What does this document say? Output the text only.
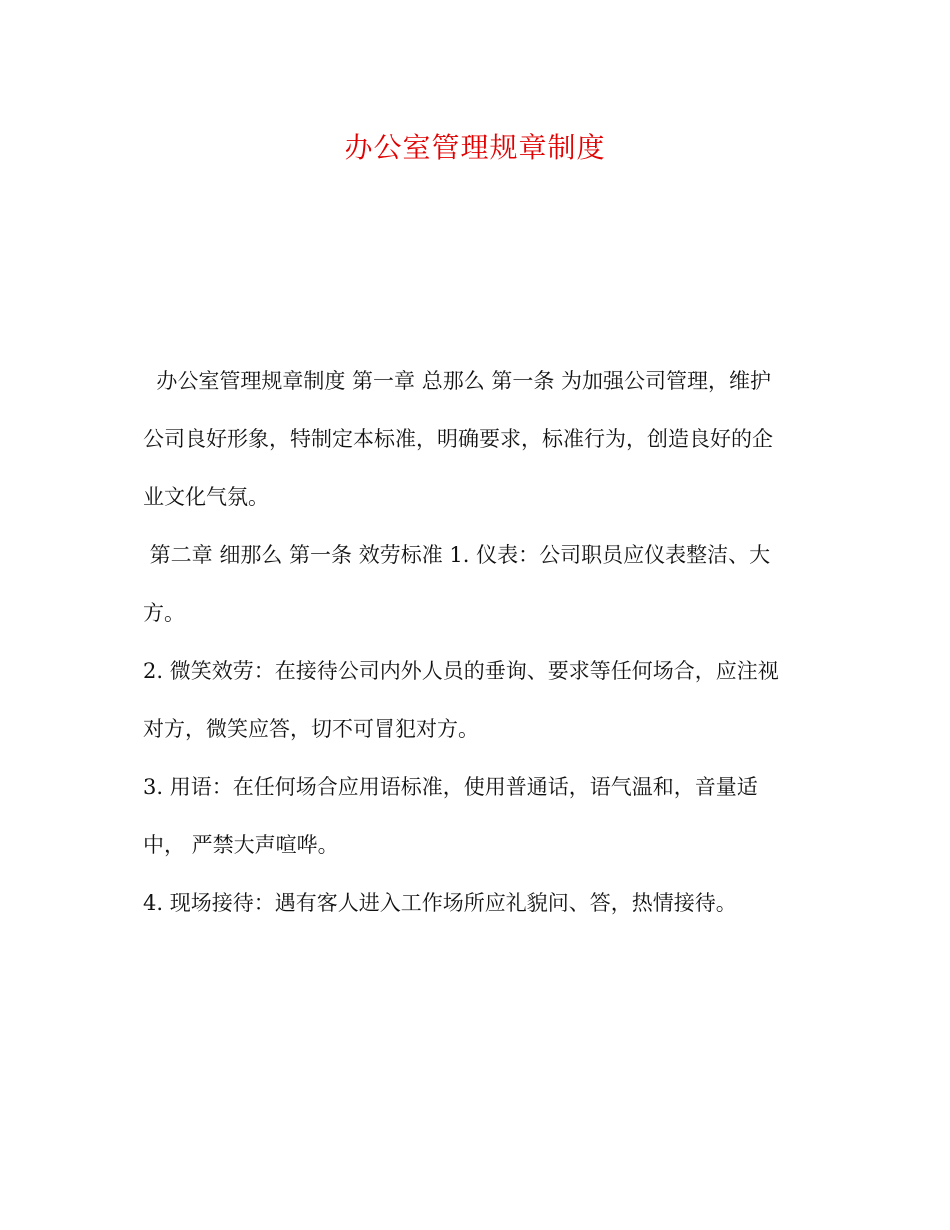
办公室管理规章制度
办公室管理规章制度 第一章 总那么 第一条 为加强公司管理，维护
公司良好形象，特制定本标准，明确要求，标准行为，创造良好的企
业文化气氛。
第二章 细那么 第一条 效劳标准 1. 仪表：公司职员应仪表整洁、大
方。
2. 微笑效劳：在接待公司内外人员的垂询、要求等任何场合，应注视
对方，微笑应答，切不可冒犯对方。
3. 用语：在任何场合应用语标准，使用普通话，语气温和，音量适
中， 严禁大声喧哗。
4. 现场接待：遇有客人进入工作场所应礼貌问、答，热情接待。
